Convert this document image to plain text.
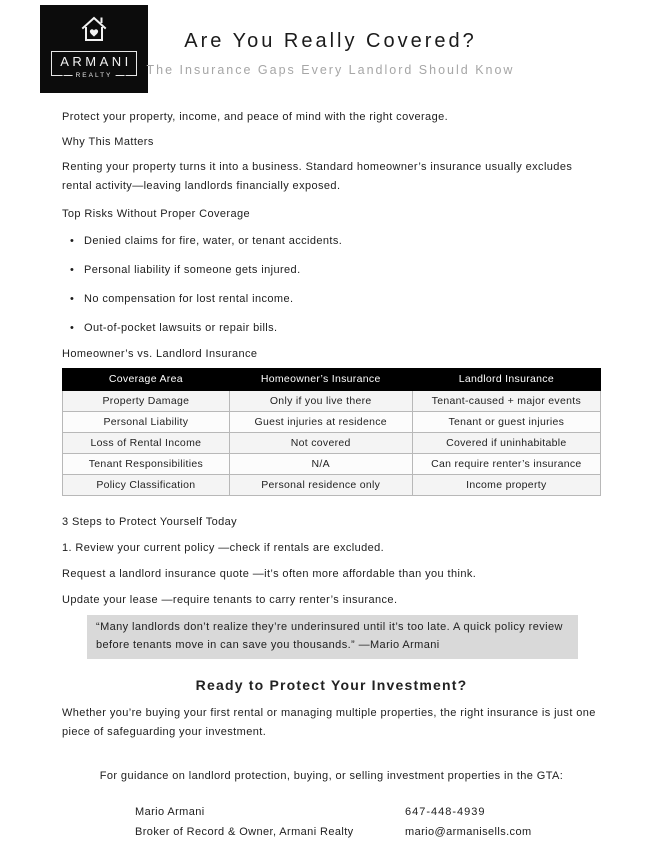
ARMANI
REALTY
Are You Really Covered?
The Insurance Gaps Every Landlord Should Know

Protect your property, income, and peace of mind with the right coverage.

Why This Matters

Renting your property turns it into a business. Standard homeowner’s insurance usually excludes rental activity—leaving landlords financially exposed.

Top Risks Without Proper Coverage
• Denied claims for fire, water, or tenant accidents.
• Personal liability if someone gets injured.
• No compensation for lost rental income.
• Out-of-pocket lawsuits or repair bills.
Homeowner’s vs. Landlord Insurance
Coverage Area	Homeowner’s Insurance	Landlord Insurance
Property Damage	Only if you live there	Tenant-caused + major events
Personal Liability	Guest injuries at residence	Tenant or guest injuries
Loss of Rental Income	Not covered	Covered if uninhabitable
Tenant Responsibilities	N/A	Can require renter’s insurance
Policy Classification	Personal residence only	Income property
3 Steps to Protect Yourself Today

1. Review your current policy —check if rentals are excluded.

Request a landlord insurance quote —it’s often more affordable than you think.

Update your lease —require tenants to carry renter’s insurance.

“Many landlords don’t realize they’re underinsured until it’s too late. A quick policy review before tenants move in can save you thousands.” —Mario Armani
Ready to Protect Your Investment?

Whether you’re buying your first rental or managing multiple properties, the right insurance is just one piece of safeguarding your investment.

For guidance on landlord protection, buying, or selling investment properties in the GTA:

Mario Armani
Broker of Record & Owner, Armani Realty
647-448-4939
mario@armanisells.com
